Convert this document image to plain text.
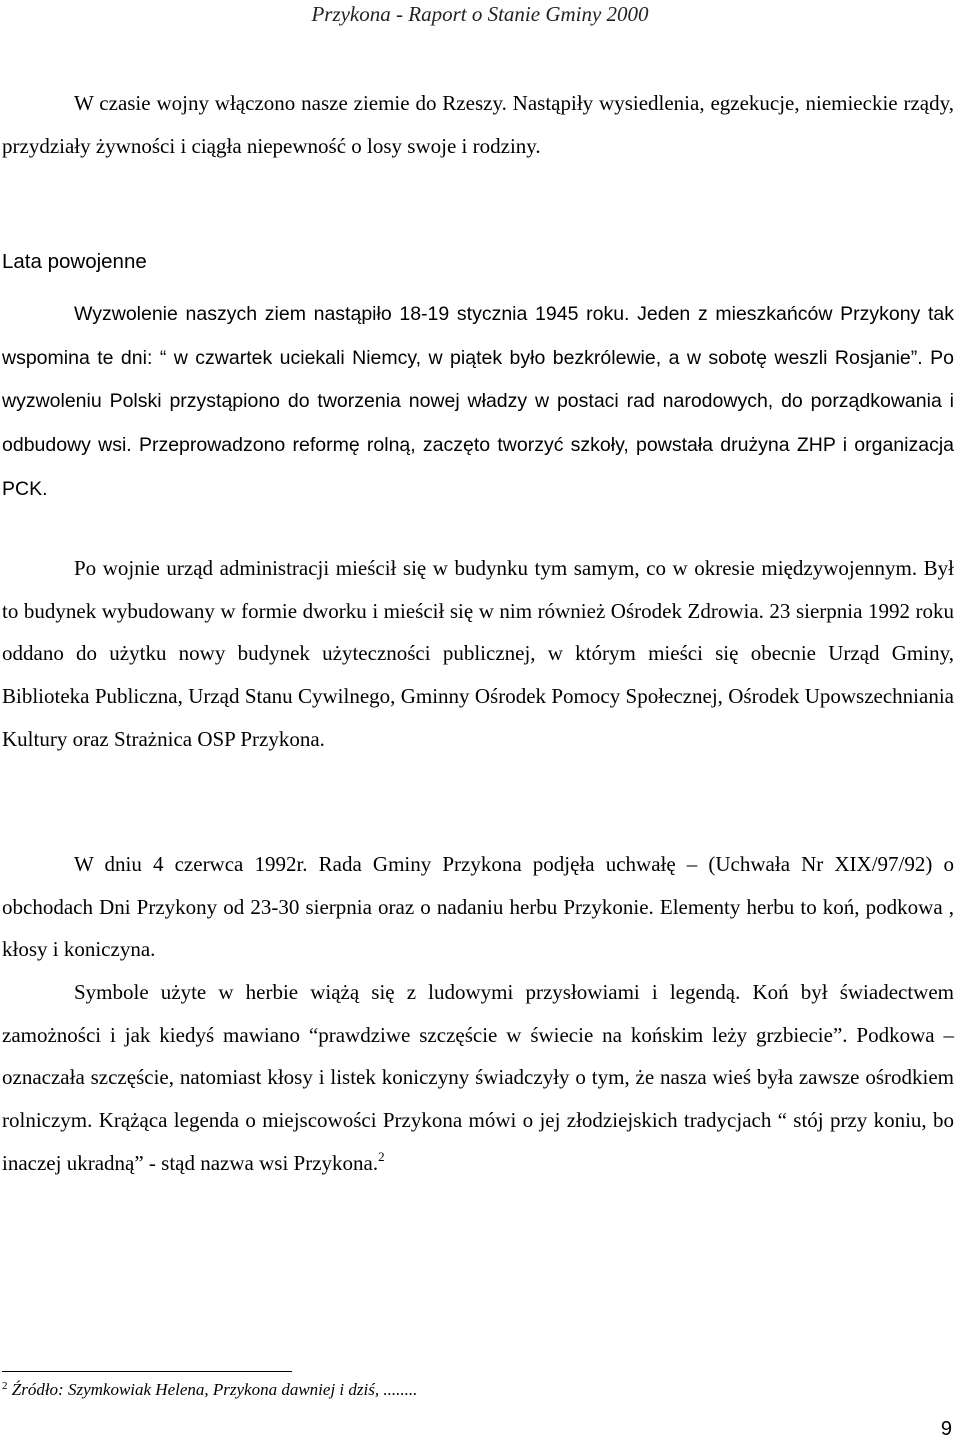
Przykona - Raport o Stanie Gminy 2000

W czasie wojny włączono nasze ziemie do Rzeszy. Nastąpiły wysiedlenia, egzekucje, niemieckie rządy, przydziały żywności i ciągła niepewność o losy swoje i rodziny.

Lata powojenne

Wyzwolenie naszych ziem nastąpiło 18-19 stycznia 1945 roku. Jeden z mieszkańców Przykony tak wspomina te dni: “ w czwartek uciekali Niemcy, w piątek było bezkrólewie, a w sobotę weszli Rosjanie”. Po wyzwoleniu Polski przystąpiono do tworzenia nowej władzy w postaci rad narodowych, do porządkowania i odbudowy wsi. Przeprowadzono reformę rolną, zaczęto tworzyć szkoły, powstała drużyna ZHP i organizacja PCK.

Po wojnie urząd administracji mieścił się w budynku tym samym, co w okresie międzywojennym. Był to budynek wybudowany w formie dworku i mieścił się w nim również Ośrodek Zdrowia. 23 sierpnia 1992 roku oddano do użytku nowy budynek użyteczności publicznej, w którym mieści się obecnie Urząd Gminy, Biblioteka Publiczna, Urząd Stanu Cywilnego, Gminny Ośrodek Pomocy Społecznej, Ośrodek Upowszechniania Kultury oraz Strażnica OSP Przykona.

W dniu 4 czerwca 1992r. Rada Gminy Przykona podjęła uchwałę – (Uchwała Nr XIX/97/92) o obchodach Dni Przykony od 23-30 sierpnia oraz o nadaniu herbu Przykonie. Elementy herbu to koń, podkowa , kłosy i koniczyna.

Symbole użyte w herbie wiążą się z ludowymi przysłowiami i legendą. Koń był świadectwem zamożności i jak kiedyś mawiano “prawdziwe szczęście w świecie na końskim leży grzbiecie”. Podkowa – oznaczała szczęście, natomiast kłosy i listek koniczyny świadczyły o tym, że nasza wieś była zawsze ośrodkiem rolniczym. Krążąca legenda o miejscowości Przykona mówi o jej złodziejskich tradycjach “ stój przy koniu, bo inaczej ukradną” - stąd nazwa wsi Przykona.$^2$

$^2$ Źródło: Szymkowiak Helena, Przykona dawniej i dziś, ........

9
